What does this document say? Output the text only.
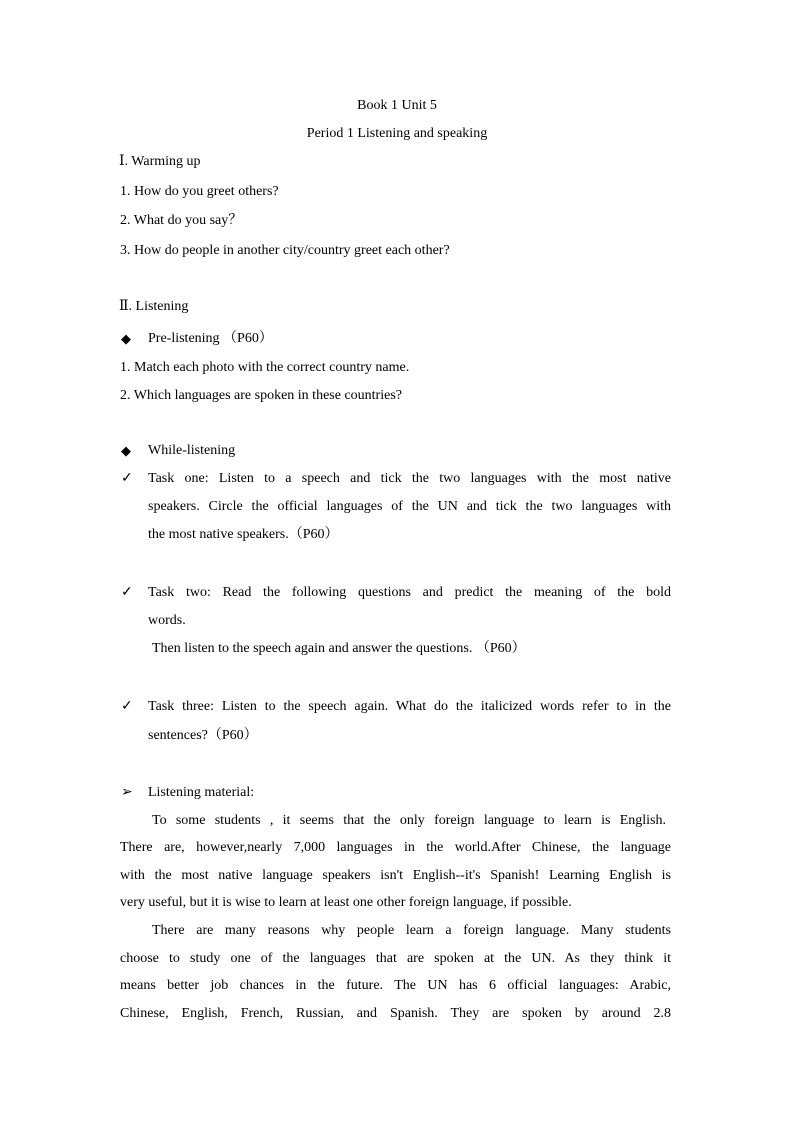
Book 1 Unit 5
Period 1 Listening and speaking
Ⅰ. Warming up
1. How do you greet others?
2. What do you say？
3. How do people in another city/country greet each other?
Ⅱ. Listening
◆ Pre-listening （P60）
1. Match each photo with the correct country name.
2. Which languages are spoken in these countries?
◆ While-listening
✓ Task one: Listen to a speech and tick the two languages with the most native
speakers. Circle the official languages of the UN and tick the two languages with
the most native speakers.（P60）
✓ Task two: Read the following questions and predict the meaning of the bold
words.
Then listen to the speech again and answer the questions. （P60）
✓ Task three: Listen to the speech again. What do the italicized words refer to in the
sentences?（P60）
➢ Listening material:
To some students , it seems that the only foreign language to learn is English.
There are, however,nearly 7,000 languages in the world.After Chinese, the language
with the most native language speakers isn't English--it's Spanish! Learning English is
very useful, but it is wise to learn at least one other foreign language, if possible.
There are many reasons why people learn a foreign language. Many students
choose to study one of the languages that are spoken at the UN. As they think it
means better job chances in the future. The UN has 6 official languages: Arabic,
Chinese, English, French, Russian, and Spanish. They are spoken by around 2.8
